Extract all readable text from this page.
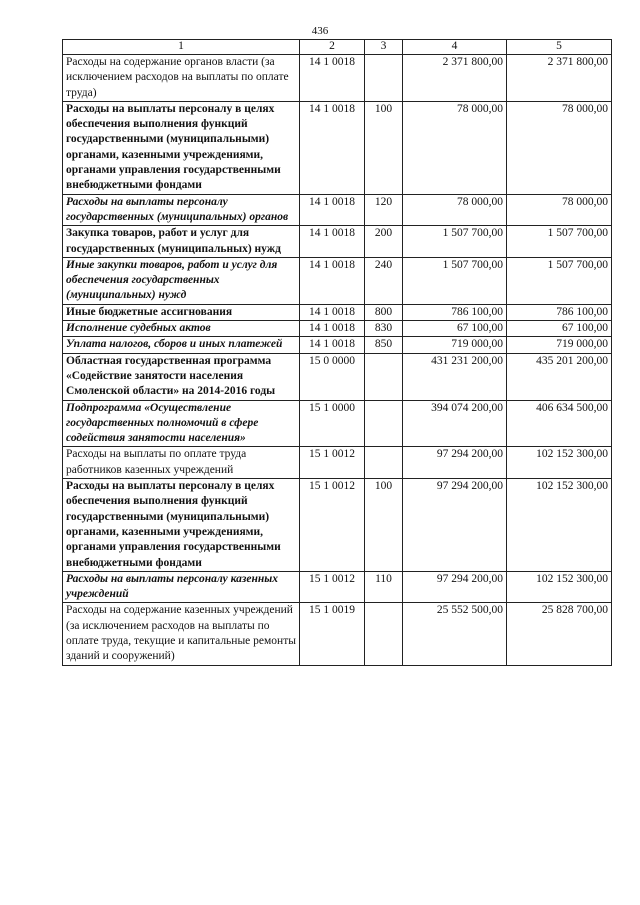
436
1	2	3	4	5
Расходы на содержание органов власти (за исключением расходов на выплаты по оплате труда)	14 1 0018		2 371 800,00	2 371 800,00
Расходы на выплаты персоналу в целях обеспечения выполнения функций государственными (муниципальными) органами, казенными учреждениями, органами управления государственными внебюджетными фондами	14 1 0018	100	78 000,00	78 000,00
Расходы на выплаты персоналу государственных (муниципальных) органов	14 1 0018	120	78 000,00	78 000,00
Закупка товаров, работ и услуг для государственных (муниципальных) нужд	14 1 0018	200	1 507 700,00	1 507 700,00
Иные закупки товаров, работ и услуг для обеспечения государственных (муниципальных) нужд	14 1 0018	240	1 507 700,00	1 507 700,00
Иные бюджетные ассигнования	14 1 0018	800	786 100,00	786 100,00
Исполнение судебных актов	14 1 0018	830	67 100,00	67 100,00
Уплата налогов, сборов и иных платежей	14 1 0018	850	719 000,00	719 000,00
Областная государственная программа «Содействие занятости населения Смоленской области» на 2014-2016 годы	15 0 0000		431 231 200,00	435 201 200,00
Подпрограмма «Осуществление государственных полномочий в сфере содействия занятости населения»	15 1 0000		394 074 200,00	406 634 500,00
Расходы на выплаты по оплате труда работников казенных учреждений	15 1 0012		97 294 200,00	102 152 300,00
Расходы на выплаты персоналу в целях обеспечения выполнения функций государственными (муниципальными) органами, казенными учреждениями, органами управления государственными внебюджетными фондами	15 1 0012	100	97 294 200,00	102 152 300,00
Расходы на выплаты персоналу казенных учреждений	15 1 0012	110	97 294 200,00	102 152 300,00
Расходы на содержание казенных учреждений (за исключением расходов на выплаты по оплате труда, текущие и капитальные ремонты зданий и сооружений)	15 1 0019		25 552 500,00	25 828 700,00
